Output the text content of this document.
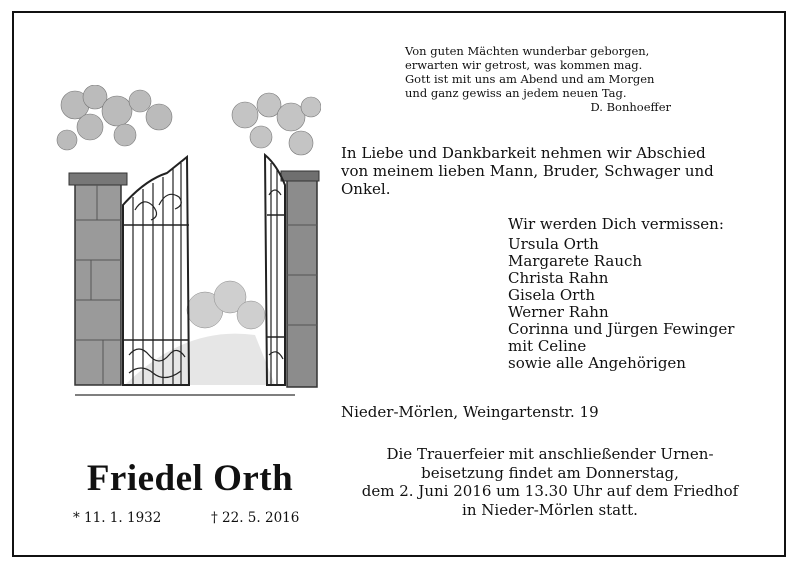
Von guten Mächten wunderbar geborgen,
erwarten wir getrost, was kommen mag.
Gott ist mit uns am Abend und am Morgen
und ganz gewiss an jedem neuen Tag.
D. Bonhoeffer
In Liebe und Dankbarkeit nehmen wir Abschied
von meinem lieben Mann, Bruder, Schwager und
Onkel.
Wir werden Dich vermissen:
Ursula Orth
Margarete Rauch
Christa Rahn
Gisela Orth
Werner Rahn
Corinna und Jürgen Fewinger
mit Celine
sowie alle Angehörigen
Nieder-Mörlen, Weingartenstr. 19
Die Trauerfeier mit anschließender Urnen-
beisetzung findet am Donnerstag,
dem 2. Juni 2016 um 13.30 Uhr auf dem Friedhof
in Nieder-Mörlen statt.
Friedel Orth
* 11. 1. 1932	† 22. 5. 2016
